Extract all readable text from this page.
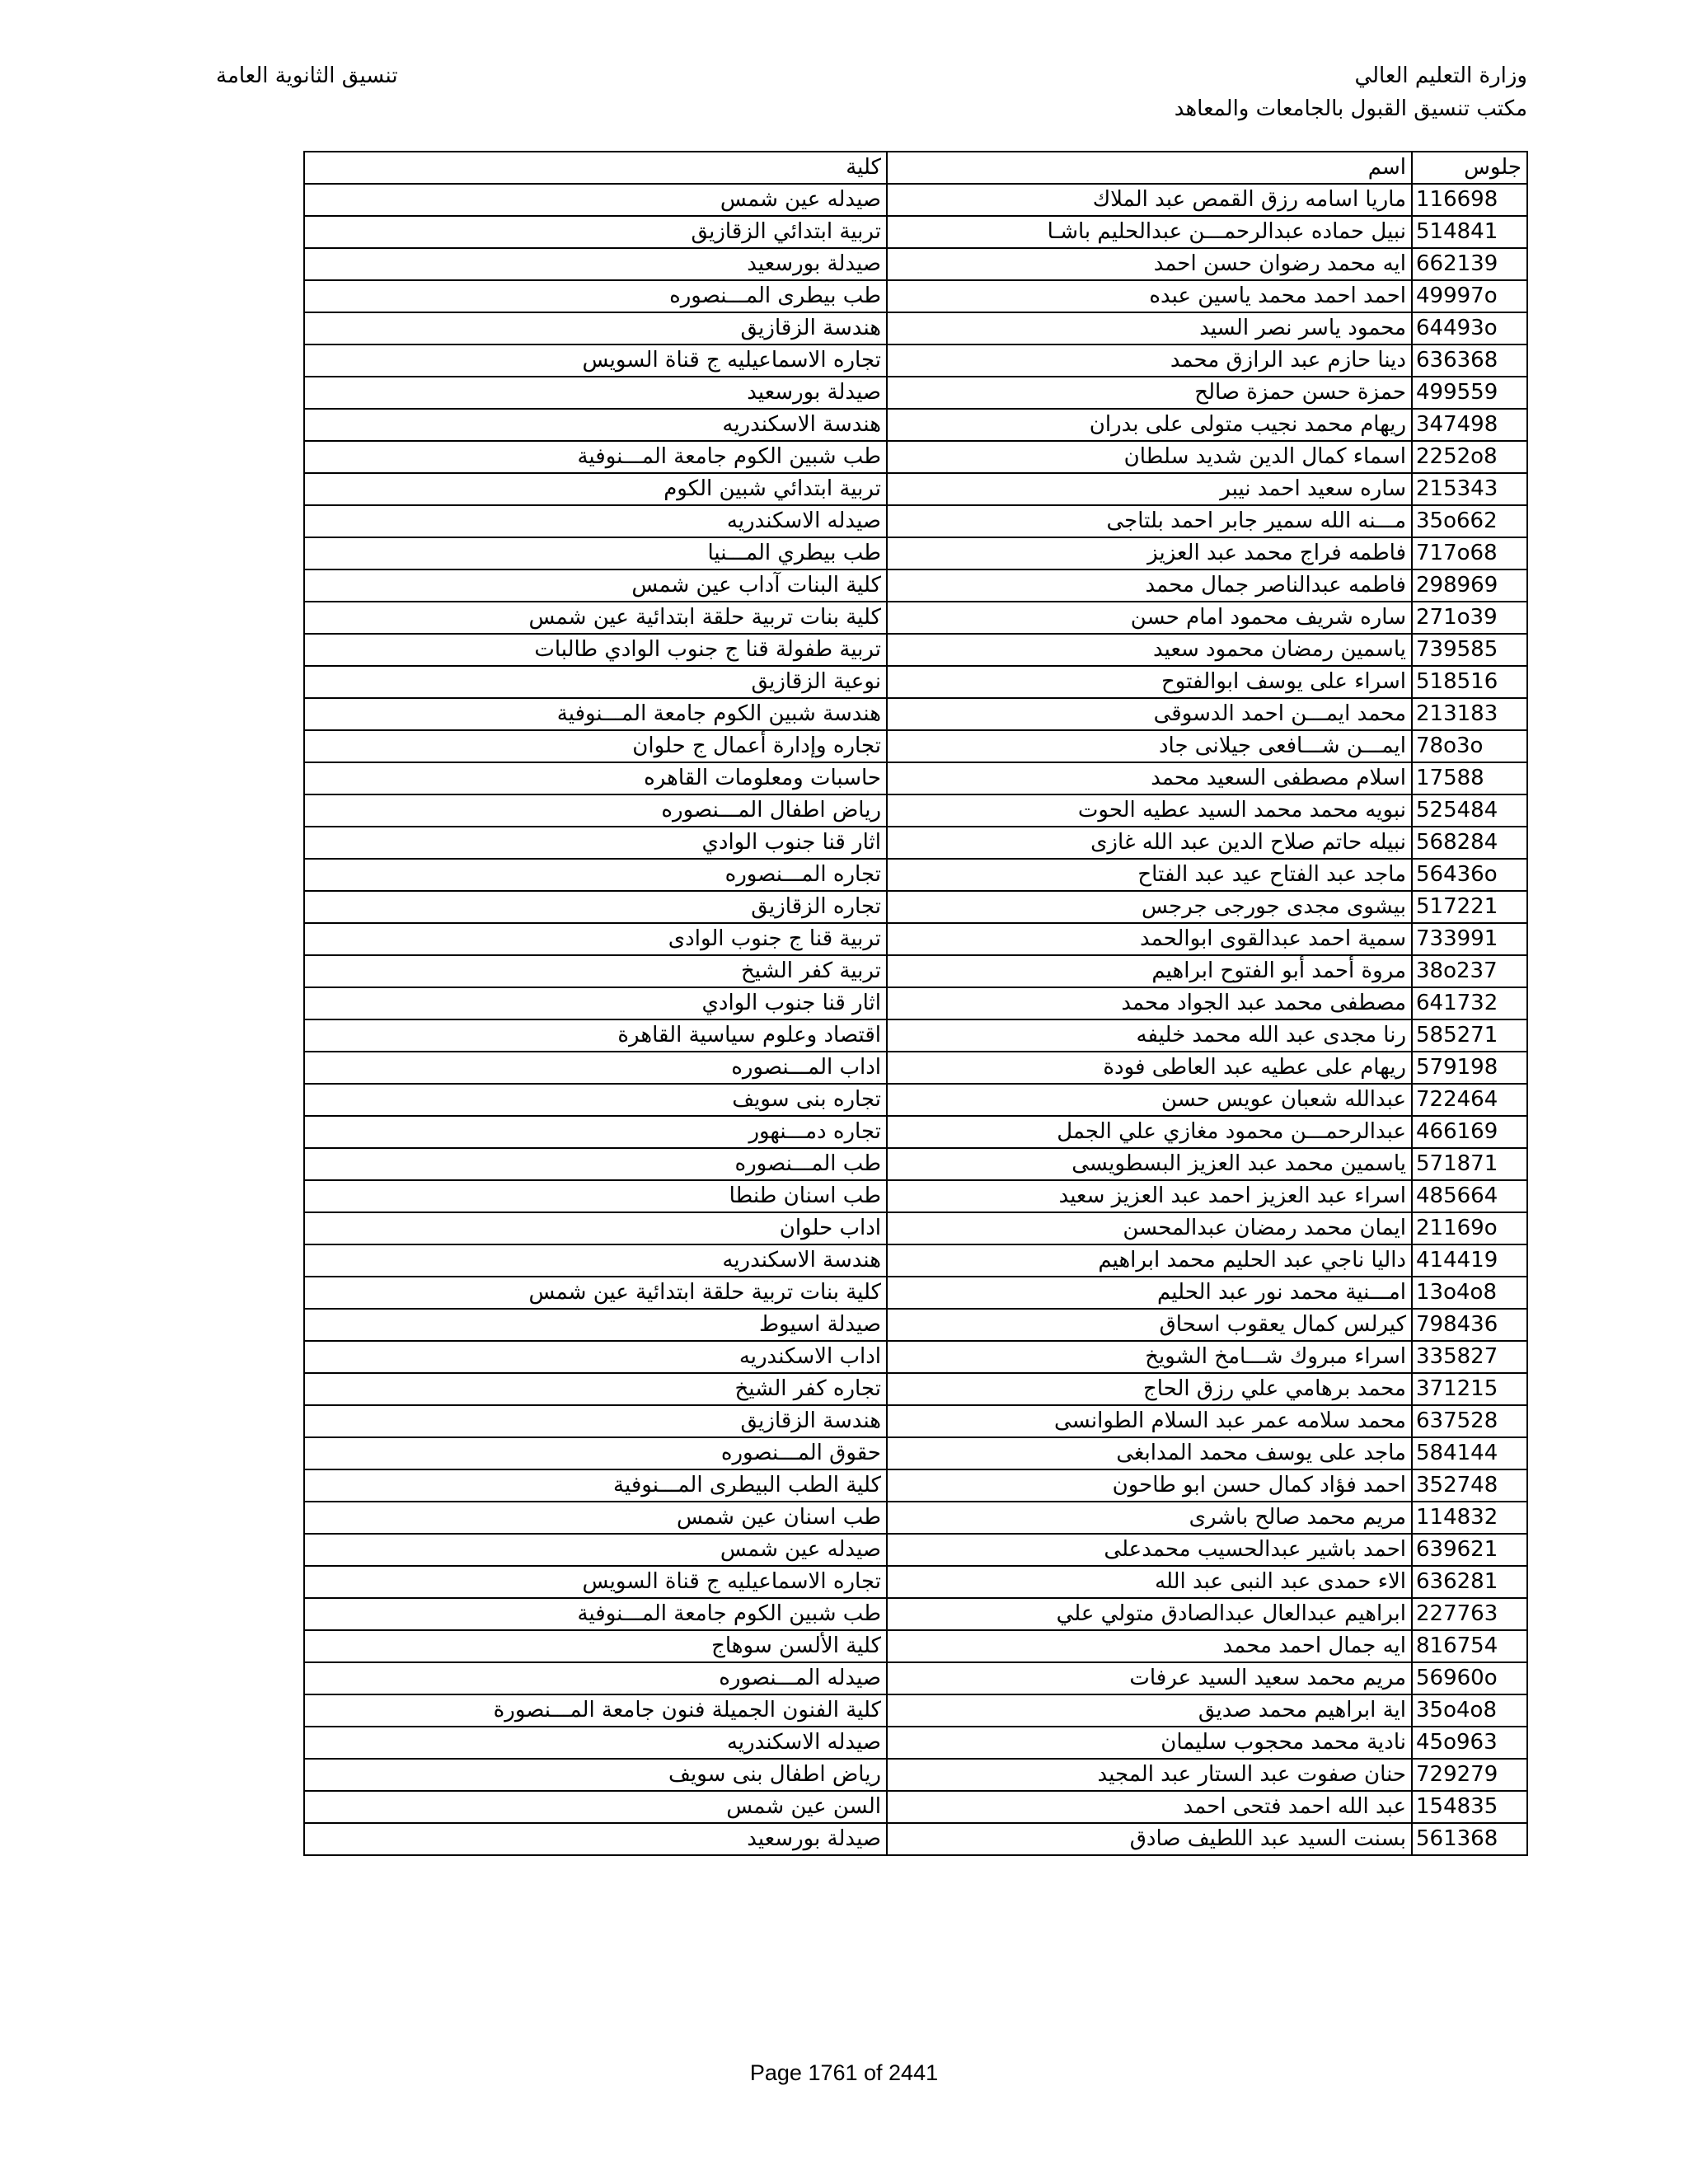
وزارة التعليم العالي
مكتب تنسيق القبول بالجامعات والمعاهد
تنسيق الثانوية العامة
جلوس	اسم	كلية
116698	ماريا اسامه رزق القمص عبد الملاك	صيدله عين شمس
514841	نبيل حماده عبدالرحمـــن عبدالحليم باشـا	تربية ابتدائي الزقازيق
662139	ايه محمد رضوان حسن احمد	صيدلة بورسعيد
49997o	احمد احمد محمد ياسين عبده	طب بيطرى المـــنصوره
64493o	محمود ياسر نصر السيد	هندسة الزقازيق
636368	دينا حازم عبد الرازق محمد	تجاره الاسماعيليه ج قناة السويس
499559	حمزة حسن حمزة صالح	صيدلة بورسعيد
347498	ريهام محمد نجيب متولى على بدران	هندسة الاسكندريه
2252o8	اسماء كمال الدين شديد سلطان	طب شبين الكوم جامعة المـــنوفية
215343	ساره سعيد احمد نيبر	تربية ابتدائي شبين الكوم
35o662	مـــنه الله سمير جابر احمد بلتاجى	صيدله الاسكندريه
717o68	فاطمه فراج محمد عبد العزيز	طب بيطري المـــنيا
298969	فاطمه عبدالناصر جمال محمد	كلية البنات آداب عين شمس
271o39	ساره شريف محمود امام حسن	كلية بنات تربية حلقة ابتدائية عين شمس
739585	ياسمين رمضان محمود سعيد	تربية طفولة قنا ج جنوب الوادي طالبات
518516	اسراء على يوسف ابوالفتوح	نوعية الزقازيق
213183	محمد ايمـــن احمد الدسوقى	هندسة شبين الكوم جامعة المـــنوفية
78o3o	ايمـــن شـــافعى جيلانى جاد	تجاره وإدارة أعمال ج حلوان
17588	اسلام مصطفى السعيد محمد	حاسبات ومعلومات القاهره
525484	نبويه محمد محمد السيد عطيه الحوت	رياض اطفال المـــنصوره
568284	نبيله حاتم صلاح الدين عبد الله غازى	اثار قنا جنوب الوادي
56436o	ماجد عبد الفتاح عيد عبد الفتاح	تجاره المـــنصوره
517221	بيشوى مجدى جورجى جرجس	تجاره الزقازيق
733991	سمية احمد عبدالقوى ابوالحمد	تربية قنا ج جنوب الوادى
38o237	مروة أحمد أبو الفتوح ابراهيم	تربية كفر الشيخ
641732	مصطفى محمد عبد الجواد محمد	اثار قنا جنوب الوادي
585271	رنا مجدى عبد الله محمد خليفه	اقتصاد وعلوم سياسية القاهرة
579198	ريهام على عطيه عبد العاطى فودة	اداب المـــنصوره
722464	عبدالله شعبان عويس حسن	تجاره بنى سويف
466169	عبدالرحمـــن محمود مغازي علي الجمل	تجاره دمـــنهور
571871	ياسمين محمد عبد العزيز البسطويسى	طب المـــنصوره
485664	اسراء عبد العزيز احمد عبد العزيز سعيد	طب اسنان طنطا
21169o	ايمان محمد رمضان عبدالمحسن	اداب حلوان
414419	داليا ناجي عبد الحليم محمد ابراهيم	هندسة الاسكندريه
13o4o8	امـــنية محمد نور عبد الحليم	كلية بنات تربية حلقة ابتدائية عين شمس
798436	كيرلس كمال يعقوب اسحاق	صيدلة اسيوط
335827	اسراء مبروك شـــامخ الشويخ	اداب الاسكندريه
371215	محمد برهامي علي رزق الحاج	تجاره كفر الشيخ
637528	محمد سلامه عمر عبد السلام الطوانسى	هندسة الزقازيق
584144	ماجد على يوسف محمد المدابغى	حقوق المـــنصوره
352748	احمد فؤاد كمال حسن ابو طاحون	كلية الطب البيطرى المـــنوفية
114832	مريم محمد صالح باشرى	طب اسنان عين شمس
639621	احمد باشير عبدالحسيب محمدعلى	صيدله عين شمس
636281	الاء حمدى عبد النبى عبد الله	تجاره الاسماعيليه ج قناة السويس
227763	ابراهيم عبدالعال عبدالصادق متولي علي	طب شبين الكوم جامعة المـــنوفية
816754	ايه جمال احمد محمد	كلية الألسن سوهاج
56960o	مريم محمد سعيد السيد عرفات	صيدله المـــنصوره
35o4o8	اية ابراهيم محمد صديق	كلية الفنون الجميلة فنون جامعة المـــنصورة
45o963	نادية محمد محجوب سليمان	صيدله الاسكندريه
729279	حنان صفوت عبد الستار عبد المجيد	رياض اطفال بنى سويف
154835	عبد الله احمد فتحى احمد	السن عين شمس
561368	بسنت السيد عبد اللطيف صادق	صيدلة بورسعيد
Page 1761 of 2441
